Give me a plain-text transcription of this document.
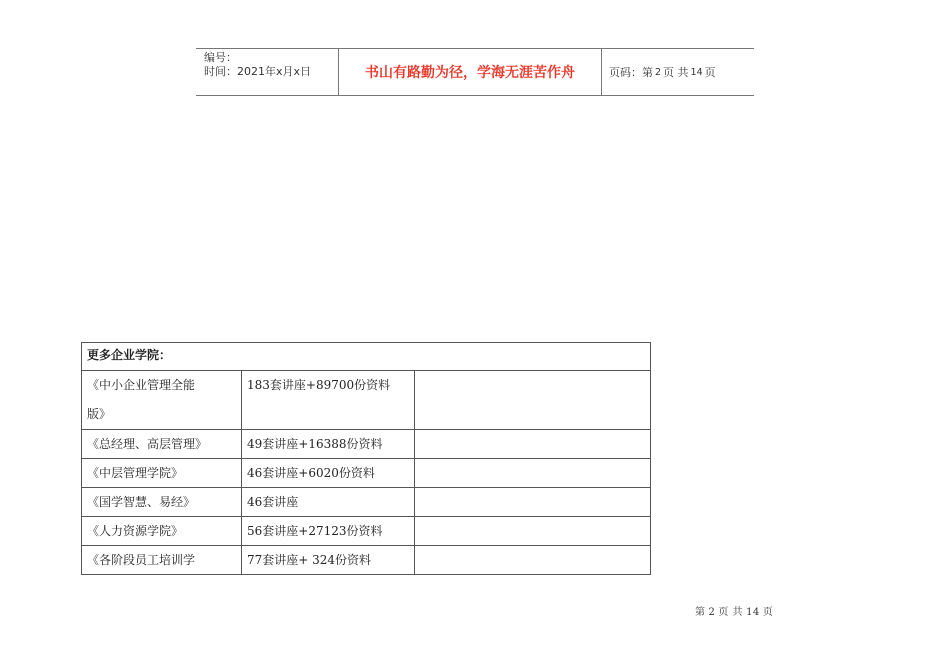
编号：
时间：2021年x月x日	书山有路勤为径，学海无涯苦作舟	页码：第 2 页 共 14 页
更多企业学院：		

《中小企业管理全能
版》	183套讲座+89700份资料	
《总经理、高层管理》	49套讲座+16388份资料	
《中层管理学院》	46套讲座+6020份资料	
《国学智慧、易经》	46套讲座	
《人力资源学院》	56套讲座+27123份资料	
《各阶段员工培训学	77套讲座+ 324份资料	
第 2 页 共 14 页
